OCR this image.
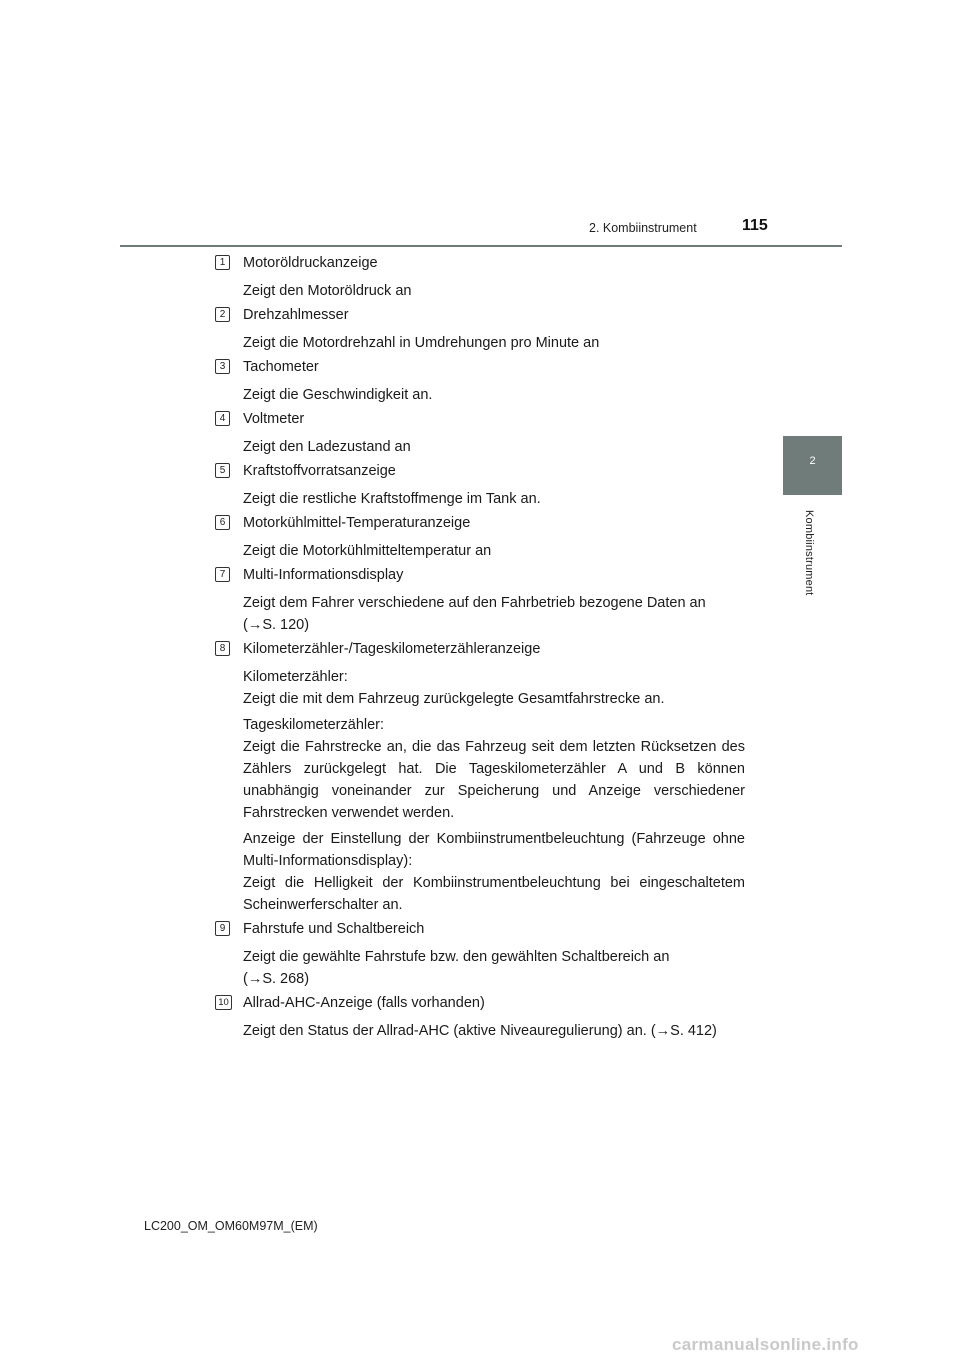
2. Kombiinstrument	115
2
Kombiinstrument
1	Motoröldruckanzeige
Zeigt den Motoröldruck an
2	Drehzahlmesser
Zeigt die Motordrehzahl in Umdrehungen pro Minute an
3	Tachometer
Zeigt die Geschwindigkeit an.
4	Voltmeter
Zeigt den Ladezustand an
5	Kraftstoffvorratsanzeige
Zeigt die restliche Kraftstoffmenge im Tank an.
6	Motorkühlmittel-Temperaturanzeige
Zeigt die Motorkühlmitteltemperatur an
7	Multi-Informationsdisplay
Zeigt dem Fahrer verschiedene auf den Fahrbetrieb bezogene Daten an
(→S. 120)
8	Kilometerzähler-/Tageskilometerzähleranzeige
Kilometerzähler:
Zeigt die mit dem Fahrzeug zurückgelegte Gesamtfahrstrecke an.
Tageskilometerzähler:
Zeigt die Fahrstrecke an, die das Fahrzeug seit dem letzten Rücksetzen des Zählers zurückgelegt hat. Die Tageskilometerzähler A und B können unabhängig voneinander zur Speicherung und Anzeige verschiedener Fahrstrecken verwendet werden.
Anzeige der Einstellung der Kombiinstrumentbeleuchtung (Fahrzeuge ohne Multi-Informationsdisplay):
Zeigt die Helligkeit der Kombiinstrumentbeleuchtung bei eingeschaltetem Scheinwerferschalter an.
9	Fahrstufe und Schaltbereich
Zeigt die gewählte Fahrstufe bzw. den gewählten Schaltbereich an
(→S. 268)
10 Allrad-AHC-Anzeige (falls vorhanden)
Zeigt den Status der Allrad-AHC (aktive Niveauregulierung) an. (→S. 412)
LC200_OM_OM60M97M_(EM)
carmanualsonline.info
